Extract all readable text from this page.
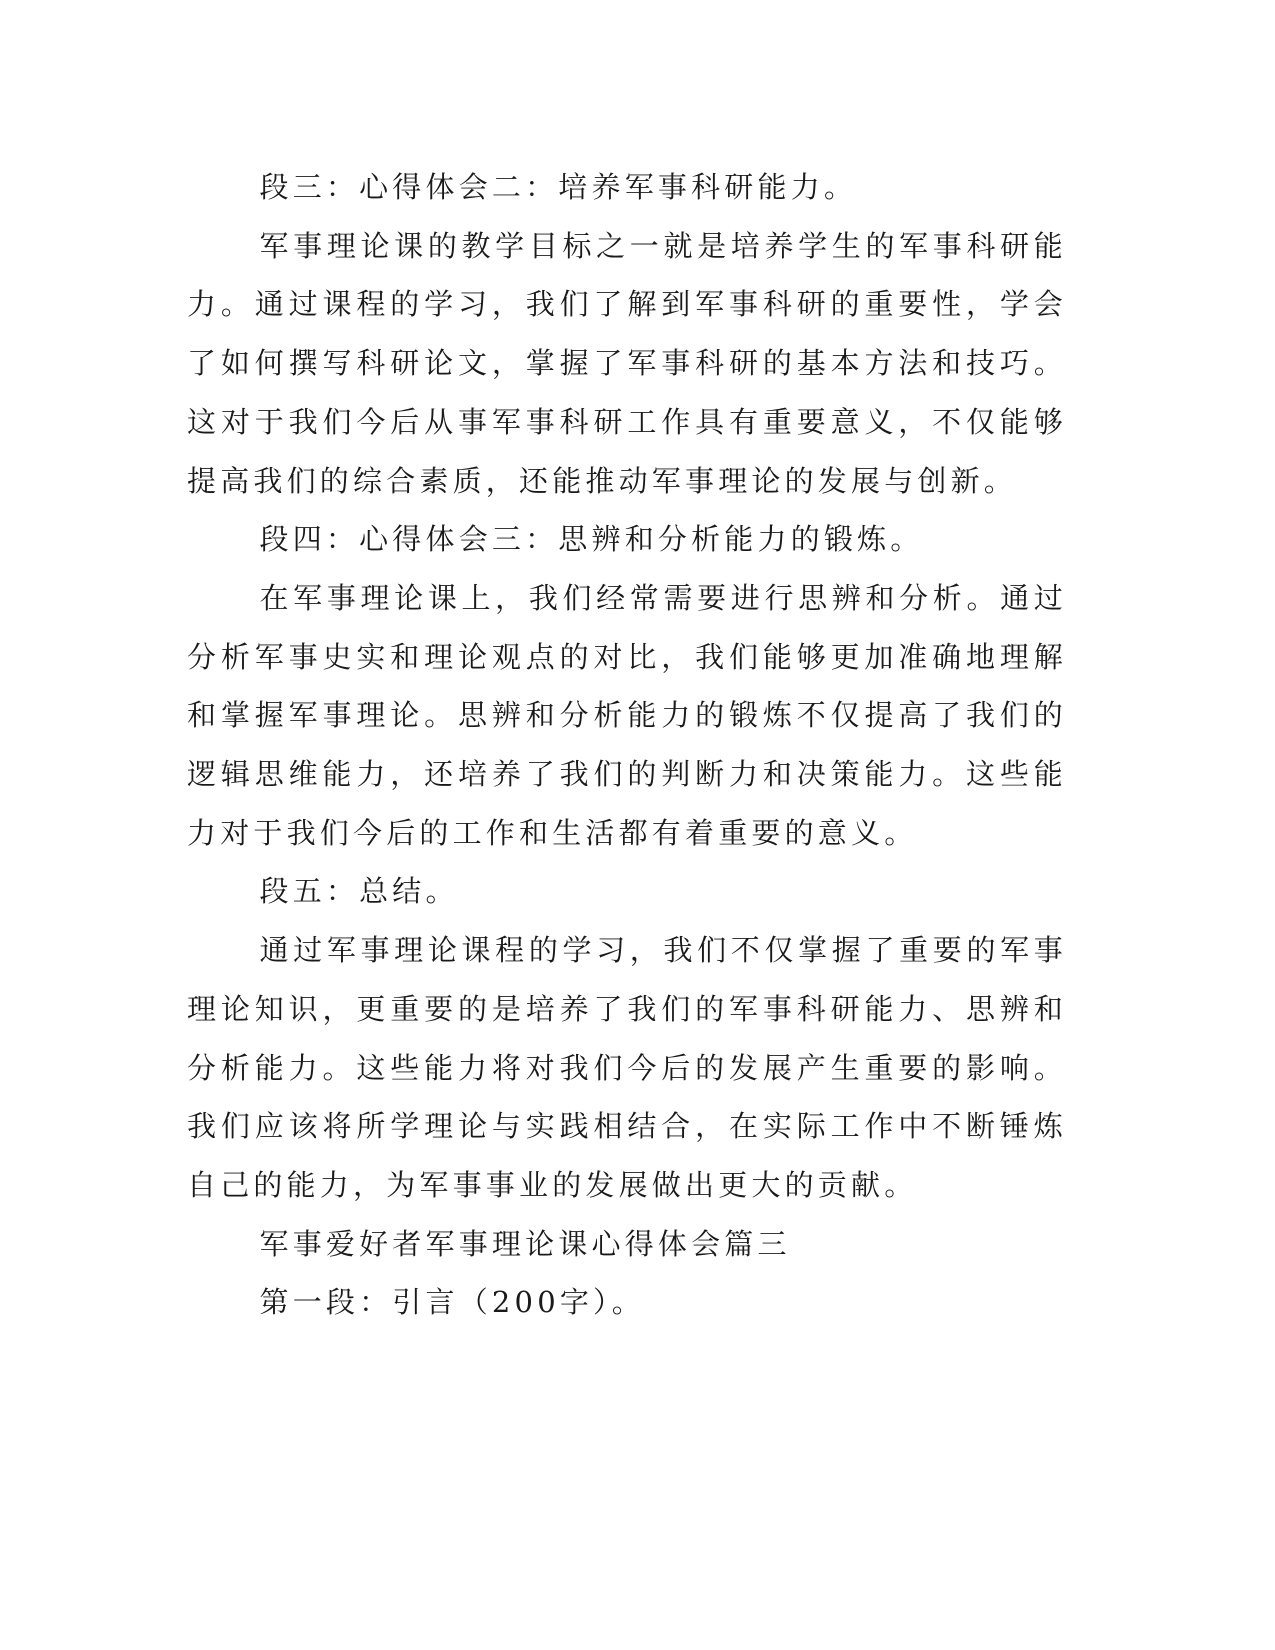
段三：心得体会二：培养军事科研能力。

军事理论课的教学目标之一就是培养学生的军事科研能力。通过课程的学习，我们了解到军事科研的重要性，学会了如何撰写科研论文，掌握了军事科研的基本方法和技巧。这对于我们今后从事军事科研工作具有重要意义，不仅能够提高我们的综合素质，还能推动军事理论的发展与创新。

段四：心得体会三：思辨和分析能力的锻炼。

在军事理论课上，我们经常需要进行思辨和分析。通过分析军事史实和理论观点的对比，我们能够更加准确地理解和掌握军事理论。思辨和分析能力的锻炼不仅提高了我们的逻辑思维能力，还培养了我们的判断力和决策能力。这些能力对于我们今后的工作和生活都有着重要的意义。

段五：总结。

通过军事理论课程的学习，我们不仅掌握了重要的军事理论知识，更重要的是培养了我们的军事科研能力、思辨和分析能力。这些能力将对我们今后的发展产生重要的影响。我们应该将所学理论与实践相结合，在实际工作中不断锤炼自己的能力，为军事事业的发展做出更大的贡献。

军事爱好者军事理论课心得体会篇三

第一段：引言（200字）。
